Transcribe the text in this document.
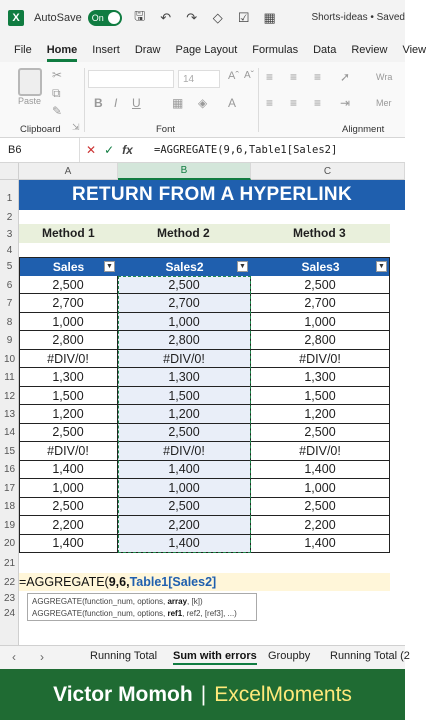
X	AutoSave On 🖫 ↶ ↷ ◇ ☑ ▦	Shorts-ideas • Saved
File Home Insert Draw Page Layout Formulas Data Review View
Paste
✂
⧉
✎
Clipboard ⇲
14	Aˆ Aˇ
B I U	▦ ◈ A
Font
≡ ≡ ≡ ➚
≡ ≡ ≡ ⇥
Wra
Mer
Alignment
B6	✕ ✓ fx	=AGGREGATE(9,6,Table1[Sales2]
A	B	C
1
2
3
4
5
6
7
8
9
10
11
12
13
14
15
16
17
18
19
20
21
22
23
24
RETURN FROM A HYPERLINK
Method 1	Method 2	Method 3
Sales	▼	Sales2	▼	Sales3	▼
2,500	2,500	2,500
2,700	2,700	2,700
1,000	1,000	1,000
2,800	2,800	2,800
#DIV/0!	#DIV/0!	#DIV/0!
1,300	1,300	1,300
1,500	1,500	1,500
1,200	1,200	1,200
2,500	2,500	2,500
#DIV/0!	#DIV/0!	#DIV/0!
1,400	1,400	1,400
1,000	1,000	1,000
2,500	2,500	2,500
2,200	2,200	2,200
1,400	1,400	1,400
=AGGREGATE( 9,6, Table1[Sales2]
AGGREGATE(function_num, options, array, [k])
AGGREGATE(function_num, options, ref1, ref2, [ref3], ...)
‹ ›	Running Total Sum with errors Groupby Running Total (2
Victor Momoh | ExcelMoments
